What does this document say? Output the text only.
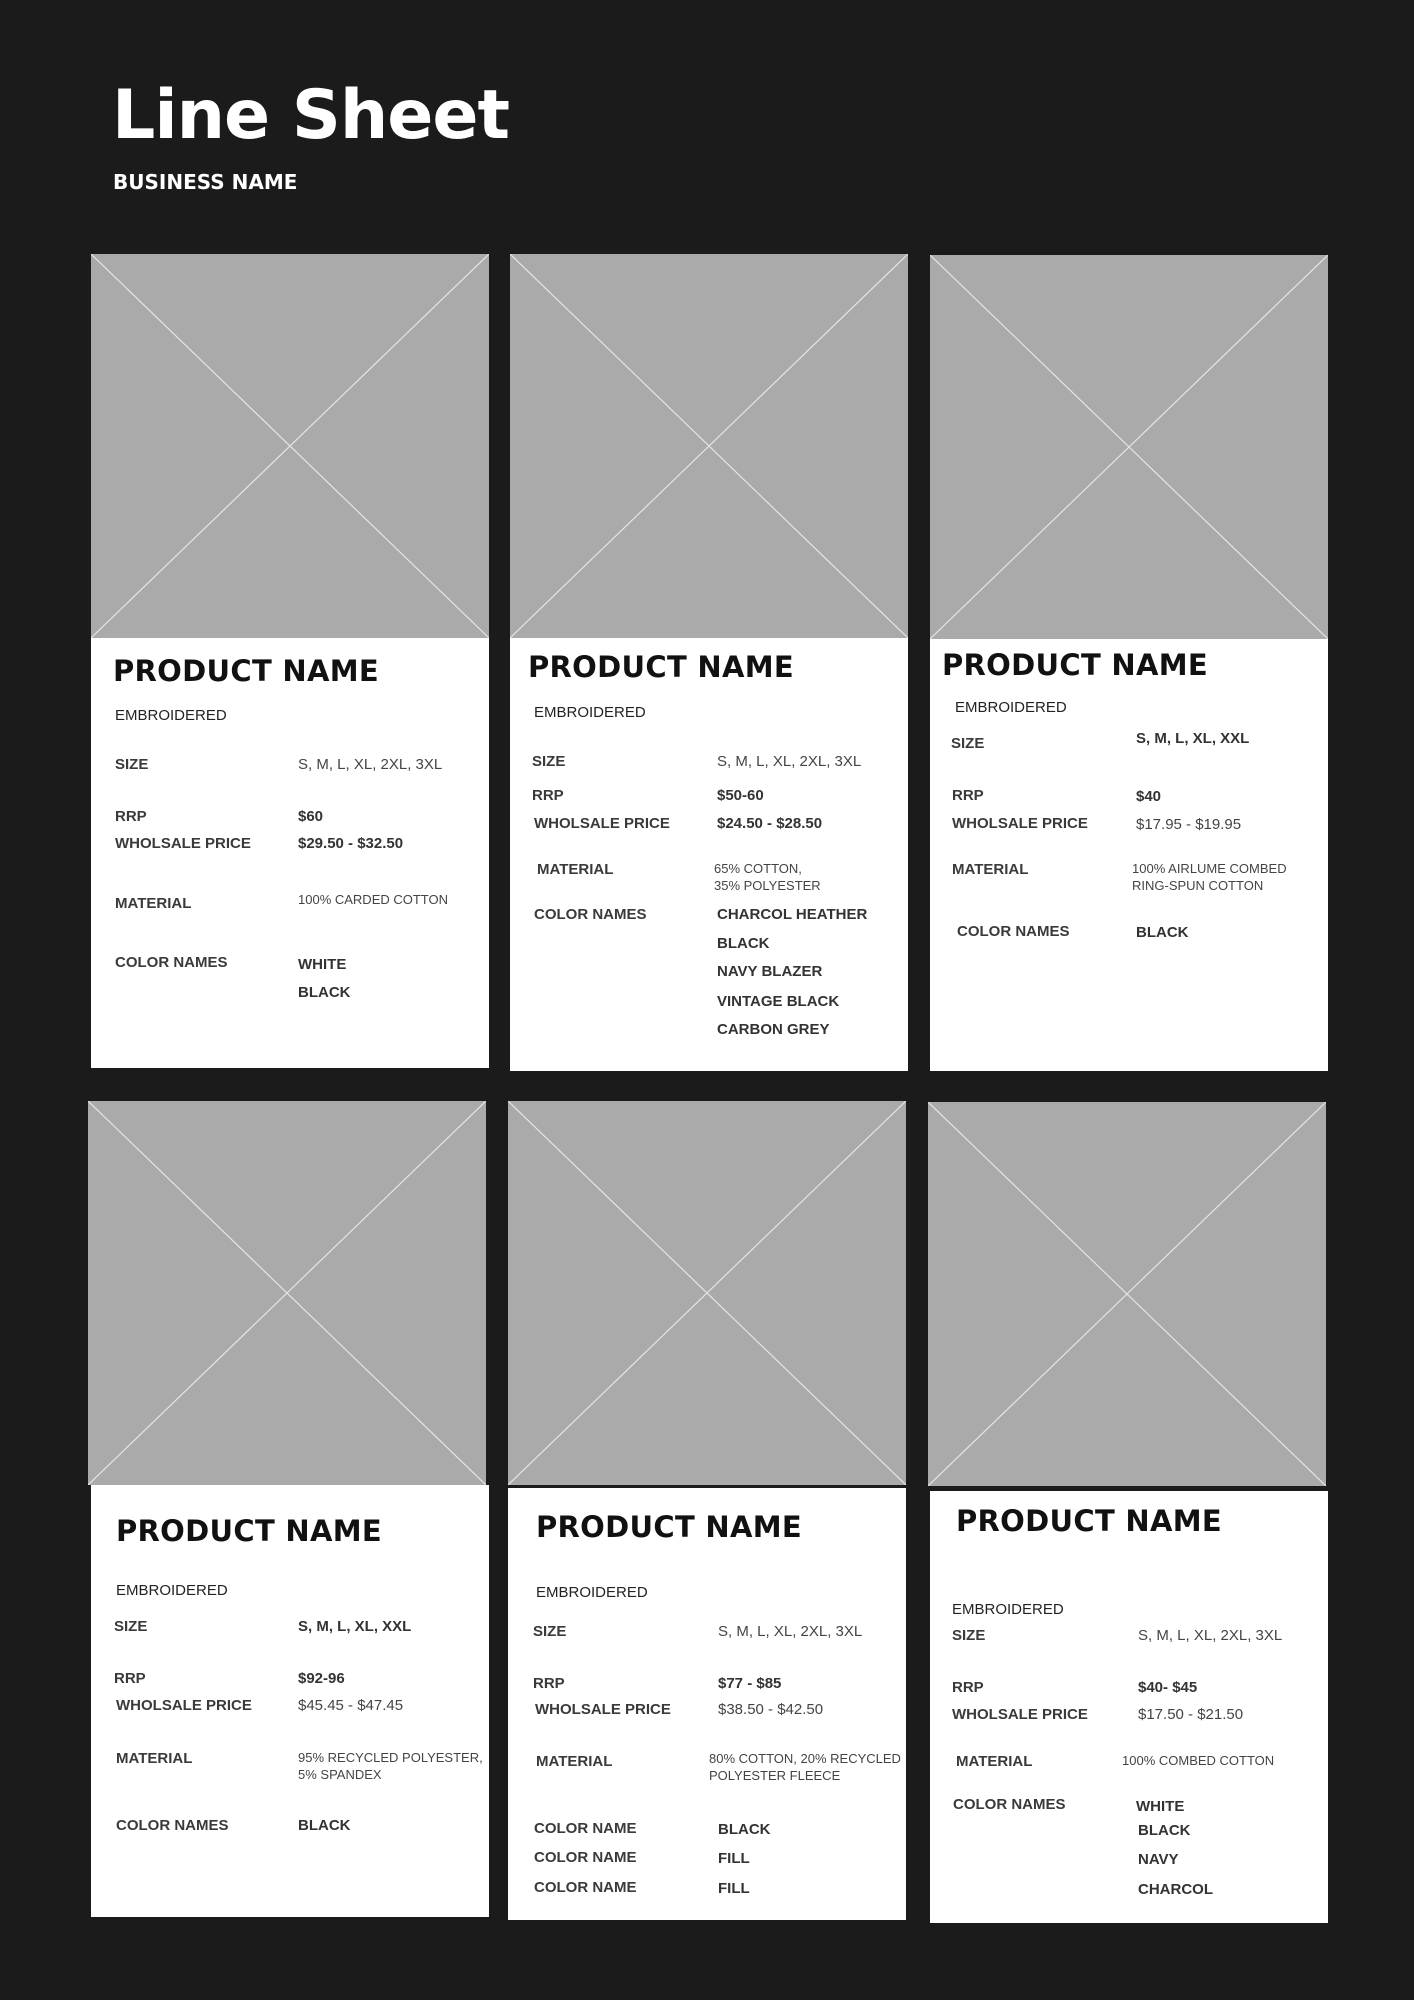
Line Sheet
BUSINESS NAME
PRODUCT NAME
EMBROIDERED
SIZE	S, M, L, XL, 2XL, 3XL
RRP	$60
WHOLSALE PRICE	$29.50 - $32.50
MATERIAL	100% CARDED COTTON
COLOR NAMES	WHITE
BLACK
PRODUCT NAME
EMBROIDERED
SIZE	S, M, L, XL, 2XL, 3XL
RRP	$50-60
WHOLSALE PRICE	$24.50 - $28.50
MATERIAL	65% COTTON,
35% POLYESTER
COLOR NAMES	CHARCOL HEATHER
BLACK
NAVY BLAZER
VINTAGE BLACK
CARBON GREY
PRODUCT NAME
EMBROIDERED
SIZE	S, M, L, XL, XXL
RRP	$40
WHOLSALE PRICE	$17.95 - $19.95
MATERIAL	100% AIRLUME COMBED
RING-SPUN COTTON
COLOR NAMES	BLACK
PRODUCT NAME
EMBROIDERED
SIZE	S, M, L, XL, XXL
RRP	$92-96
WHOLSALE PRICE	$45.45 - $47.45
MATERIAL	95% RECYCLED POLYESTER,
5% SPANDEX
COLOR NAMES	BLACK
PRODUCT NAME
EMBROIDERED
SIZE	S, M, L, XL, 2XL, 3XL
RRP	$77 - $85
WHOLSALE PRICE	$38.50 - $42.50
MATERIAL	80% COTTON, 20% RECYCLED
POLYESTER FLEECE
COLOR NAME	BLACK
COLOR NAME	FILL
COLOR NAME	FILL
PRODUCT NAME
EMBROIDERED
SIZE	S, M, L, XL, 2XL, 3XL
RRP	$40- $45
WHOLSALE PRICE	$17.50 - $21.50
MATERIAL	100% COMBED COTTON
COLOR NAMES	WHITE
BLACK
NAVY
CHARCOL
